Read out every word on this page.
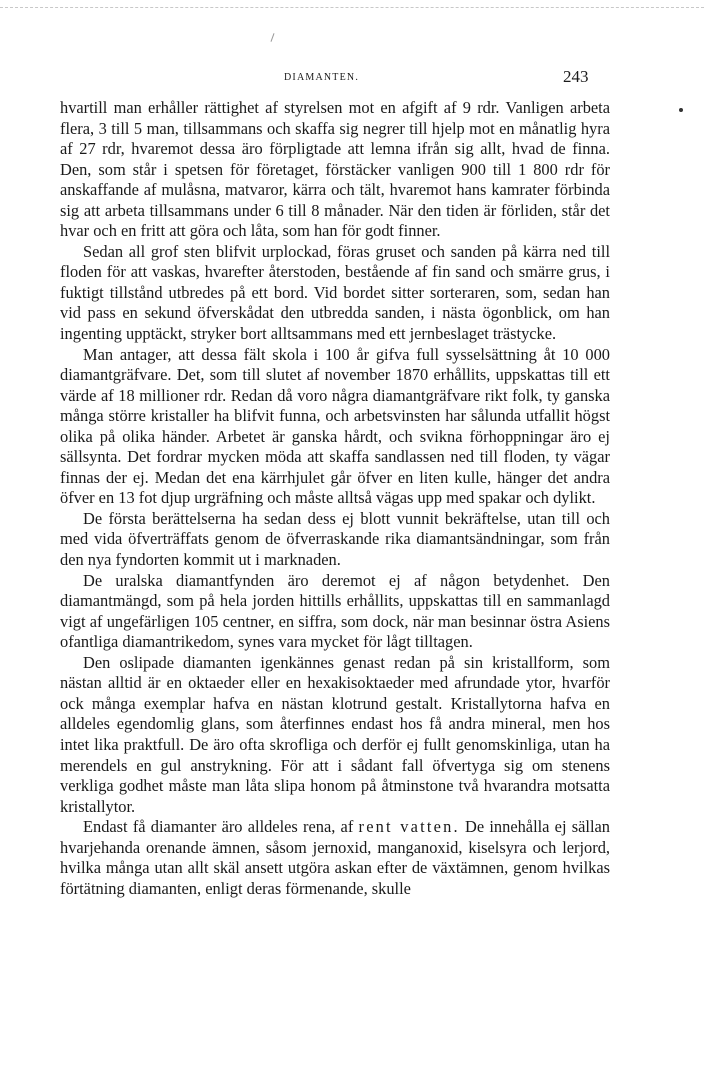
DIAMANTEN.	243

hvartill man erhåller rättighet af styrelsen mot en afgift af 9 rdr. Vanligen arbeta flera, 3 till 5 man, tillsammans och skaffa sig negrer till hjelp mot en månatlig hyra af 27 rdr, hvaremot dessa äro förpligtade att lemna ifrån sig allt, hvad de finna. Den, som står i spetsen för företaget, förstäcker vanligen 900 till 1 800 rdr för anskaffande af mulåsna, matvaror, kärra och tält, hvaremot hans kamrater förbinda sig att arbeta tillsammans under 6 till 8 månader. När den tiden är förliden, står det hvar och en fritt att göra och låta, som han för godt finner.

Sedan all grof sten blifvit urplockad, föras gruset och sanden på kärra ned till floden för att vaskas, hvarefter återstoden, bestående af fin sand och smärre grus, i fuktigt tillstånd utbredes på ett bord. Vid bordet sitter sorteraren, som, sedan han vid pass en sekund öfverskådat den utbredda sanden, i nästa ögonblick, om han ingenting upptäckt, stryker bort alltsammans med ett jernbeslaget trästycke.

Man antager, att dessa fält skola i 100 år gifva full sysselsättning åt 10 000 diamantgräfvare. Det, som till slutet af november 1870 erhållits, uppskattas till ett värde af 18 millioner rdr. Redan då voro några diamantgräfvare rikt folk, ty ganska många större kristaller ha blifvit funna, och arbetsvinsten har sålunda utfallit högst olika på olika händer. Arbetet är ganska hårdt, och svikna förhoppningar äro ej sällsynta. Det fordrar mycken möda att skaffa sandlassen ned till floden, ty vägar finnas der ej. Medan det ena kärrhjulet går öfver en liten kulle, hänger det andra öfver en 13 fot djup urgräfning och måste alltså vägas upp med spakar och dylikt.

De första berättelserna ha sedan dess ej blott vunnit bekräftelse, utan till och med vida öfverträffats genom de öfverraskande rika diamantsändningar, som från den nya fyndorten kommit ut i marknaden.

De uralska diamantfynden äro deremot ej af någon betydenhet. Den diamantmängd, som på hela jorden hittills erhållits, uppskattas till en sammanlagd vigt af ungefärligen 105 centner, en siffra, som dock, när man besinnar östra Asiens ofantliga diamantrikedom, synes vara mycket för lågt tilltagen.

Den oslipade diamanten igenkännes genast redan på sin kristallform, som nästan alltid är en oktaeder eller en hexakisoktaeder med afrundade ytor, hvarför ock många exemplar hafva en nästan klotrund gestalt. Kristallytorna hafva en alldeles egendomlig glans, som återfinnes endast hos få andra mineral, men hos intet lika praktfull. De äro ofta skrofliga och derför ej fullt genomskinliga, utan ha merendels en gul anstrykning. För att i sådant fall öfvertyga sig om stenens verkliga godhet måste man låta slipa honom på åtminstone två hvarandra motsatta kristallytor.

Endast få diamanter äro alldeles rena, af rent vatten. De innehålla ej sällan hvarjehanda orenande ämnen, såsom jernoxid, manganoxid, kiselsyra och lerjord, hvilka många utan allt skäl ansett utgöra askan efter de växtämnen, genom hvilkas förtätning diamanten, enligt deras förmenande, skulle
